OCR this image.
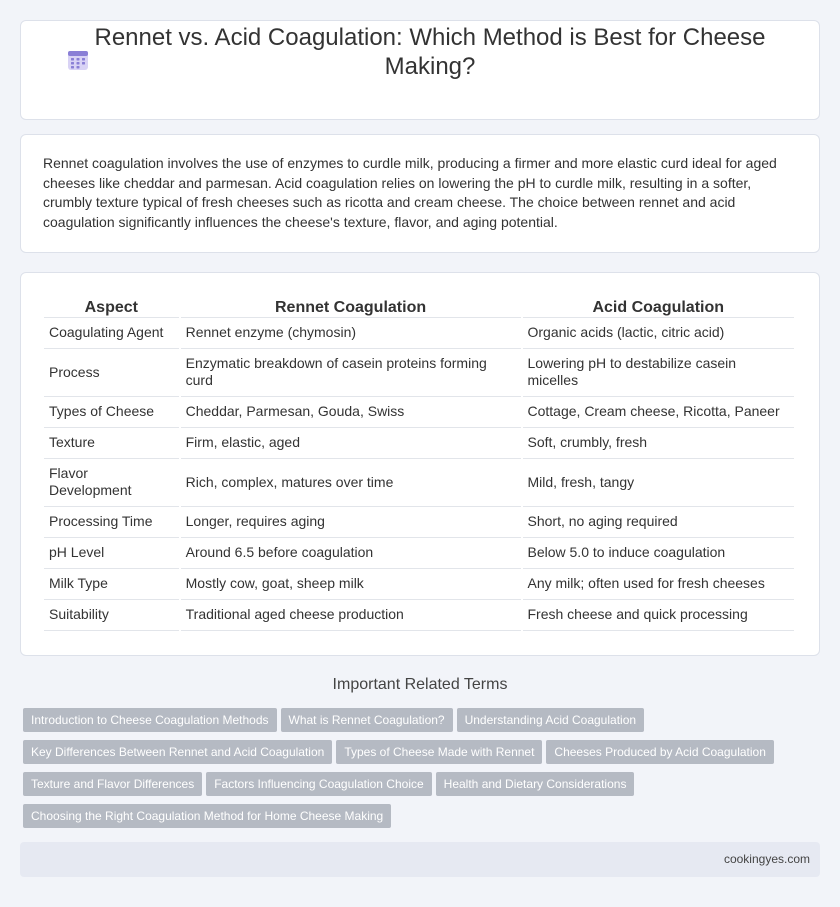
Rennet vs. Acid Coagulation: Which Method is Best for Cheese Making?

Rennet coagulation involves the use of enzymes to curdle milk, producing a firmer and more elastic curd ideal for aged cheeses like cheddar and parmesan. Acid coagulation relies on lowering the pH to curdle milk, resulting in a softer, crumbly texture typical of fresh cheeses such as ricotta and cream cheese. The choice between rennet and acid coagulation significantly influences the cheese's texture, flavor, and aging potential.

Aspect	Rennet Coagulation	Acid Coagulation
Coagulating Agent	Rennet enzyme (chymosin)	Organic acids (lactic, citric acid)
Process	Enzymatic breakdown of casein proteins forming curd	Lowering pH to destabilize casein micelles
Types of Cheese	Cheddar, Parmesan, Gouda, Swiss	Cottage, Cream cheese, Ricotta, Paneer
Texture	Firm, elastic, aged	Soft, crumbly, fresh
Flavor Development	Rich, complex, matures over time	Mild, fresh, tangy
Processing Time	Longer, requires aging	Short, no aging required
pH Level	Around 6.5 before coagulation	Below 5.0 to induce coagulation
Milk Type	Mostly cow, goat, sheep milk	Any milk; often used for fresh cheeses
Suitability	Traditional aged cheese production	Fresh cheese and quick processing
Important Related Terms
Introduction to Cheese Coagulation Methods What is Rennet Coagulation? Understanding Acid Coagulation
Key Differences Between Rennet and Acid Coagulation Types of Cheese Made with Rennet Cheeses Produced by Acid Coagulation
Texture and Flavor Differences Factors Influencing Coagulation Choice Health and Dietary Considerations
Choosing the Right Coagulation Method for Home Cheese Making
cookingyes.com
